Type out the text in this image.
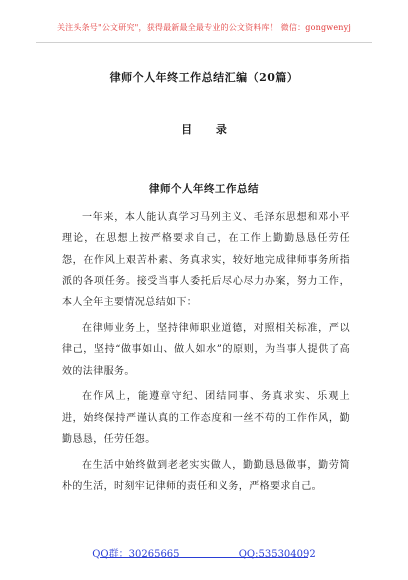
关注头条号"公文研究"，获得最新最全最专业的公文资料库！ 微信：gongwenyj
律师个人年终工作总结汇编（20篇）
目 录
律师个人年终工作总结

一年来，本人能认真学习马列主义、毛泽东思想和邓小平理论，在思想上按严格要求自己，在工作上勤勤恳恳任劳任怨，在作风上艰苦朴素、务真求实，较好地完成律师事务所指派的各项任务。接受当事人委托后尽心尽力办案，努力工作，本人全年主要情况总结如下：

在律师业务上，坚持律师职业道德，对照相关标准，严以律己，坚持“做事如山、做人如水”的原则，为当事人提供了高效的法律服务。

在作风上，能遵章守纪、团结同事、务真求实、乐观上进，始终保持严谨认真的工作态度和一丝不苟的工作作风，勤勤恳恳，任劳任怨。

在生活中始终做到老老实实做人，勤勤恳恳做事，勤劳简朴的生活，时刻牢记律师的责任和义务，严格要求自己。

QQ群：30265665	QQ:535304092
